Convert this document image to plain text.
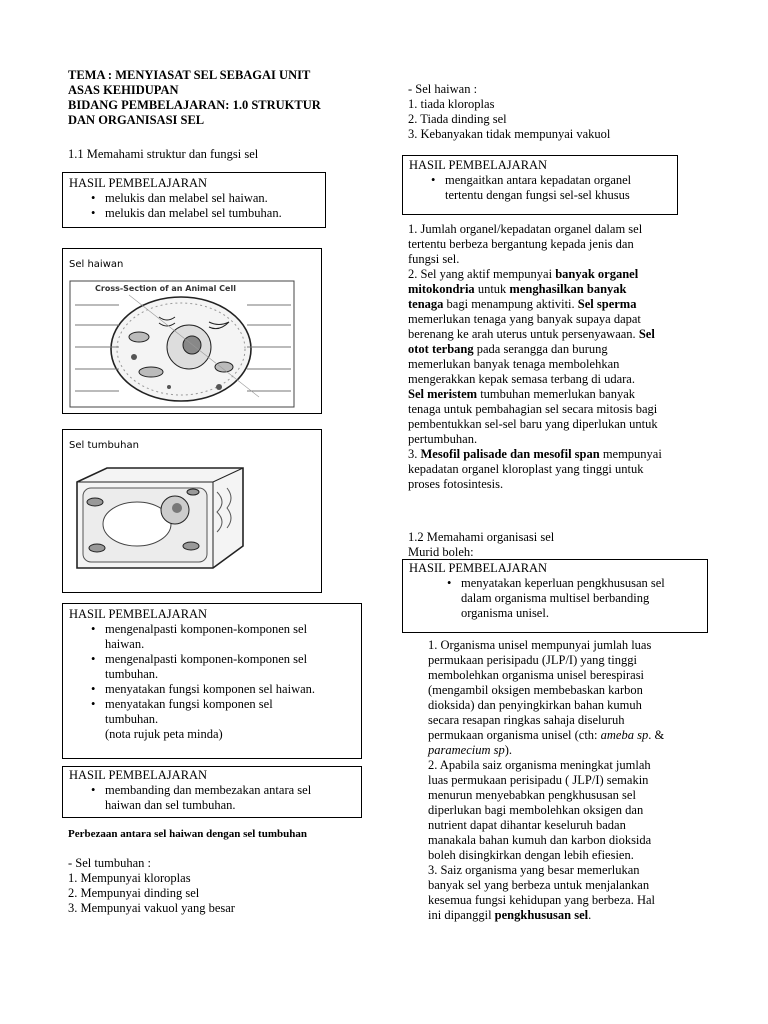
TEMA : MENYIASAT SEL SEBAGAI UNIT
ASAS KEHIDUPAN
BIDANG PEMBELAJARAN: 1.0 STRUKTUR
DAN ORGANISASI SEL
1.1 Memahami struktur dan fungsi sel
HASIL PEMBELAJARAN
• melukis dan melabel sel haiwan.
• melukis dan melabel sel tumbuhan.
Sel haiwan
Cross-Section of an Animal Cell
Sel tumbuhan
HASIL PEMBELAJARAN
• mengenalpasti komponen-komponen sel
haiwan.
• mengenalpasti komponen-komponen sel
tumbuhan.
• menyatakan fungsi komponen sel haiwan.
• menyatakan fungsi komponen sel
tumbuhan.
(nota rujuk peta minda)
HASIL PEMBELAJARAN
• membanding dan membezakan antara sel
haiwan dan sel tumbuhan.
Perbezaan antara sel haiwan dengan sel tumbuhan
- Sel tumbuhan :
1. Mempunyai kloroplas
2. Mempunyai dinding sel
3. Mempunyai vakuol yang besar
- Sel haiwan :
1. tiada kloroplas
2. Tiada dinding sel
3. Kebanyakan tidak mempunyai vakuol
HASIL PEMBELAJARAN
• mengaitkan antara kepadatan organel
tertentu dengan fungsi sel-sel khusus
1. Jumlah organel/kepadatan organel dalam sel
tertentu berbeza bergantung kepada jenis dan
fungsi sel.
2. Sel yang aktif mempunyai banyak organel
mitokondria untuk menghasilkan banyak
tenaga bagi menampung aktiviti. Sel sperma
memerlukan tenaga yang banyak supaya dapat
berenang ke arah uterus untuk persenyawaan. Sel
otot terbang pada serangga dan burung
memerlukan banyak tenaga membolehkan
mengerakkan kepak semasa terbang di udara.
Sel meristem tumbuhan memerlukan banyak
tenaga untuk pembahagian sel secara mitosis bagi
pembentukkan sel-sel baru yang diperlukan untuk
pertumbuhan.
3. Mesofil palisade dan mesofil span mempunyai
kepadatan organel kloroplast yang tinggi untuk
proses fotosintesis.
1.2 Memahami organisasi sel
Murid boleh:
HASIL PEMBELAJARAN
• menyatakan keperluan pengkhususan sel
dalam organisma multisel berbanding
organisma unisel.
1. Organisma unisel mempunyai jumlah luas
permukaan perisipadu (JLP/I) yang tinggi
membolehkan organisma unisel berespirasi
(mengambil oksigen membebaskan karbon
dioksida) dan penyingkirkan bahan kumuh
secara resapan ringkas sahaja diseluruh
permukaan organisma unisel (cth: ameba sp. &
paramecium sp).
2. Apabila saiz organisma meningkat jumlah
luas permukaan perisipadu ( JLP/I) semakin
menurun menyebabkan pengkhususan sel
diperlukan bagi membolehkan oksigen dan
nutrient dapat dihantar keseluruh badan
manakala bahan kumuh dan karbon dioksida
boleh disingkirkan dengan lebih efiesien.
3. Saiz organisma yang besar memerlukan
banyak sel yang berbeza untuk menjalankan
kesemua fungsi kehidupan yang berbeza. Hal
ini dipanggil pengkhususan sel.
